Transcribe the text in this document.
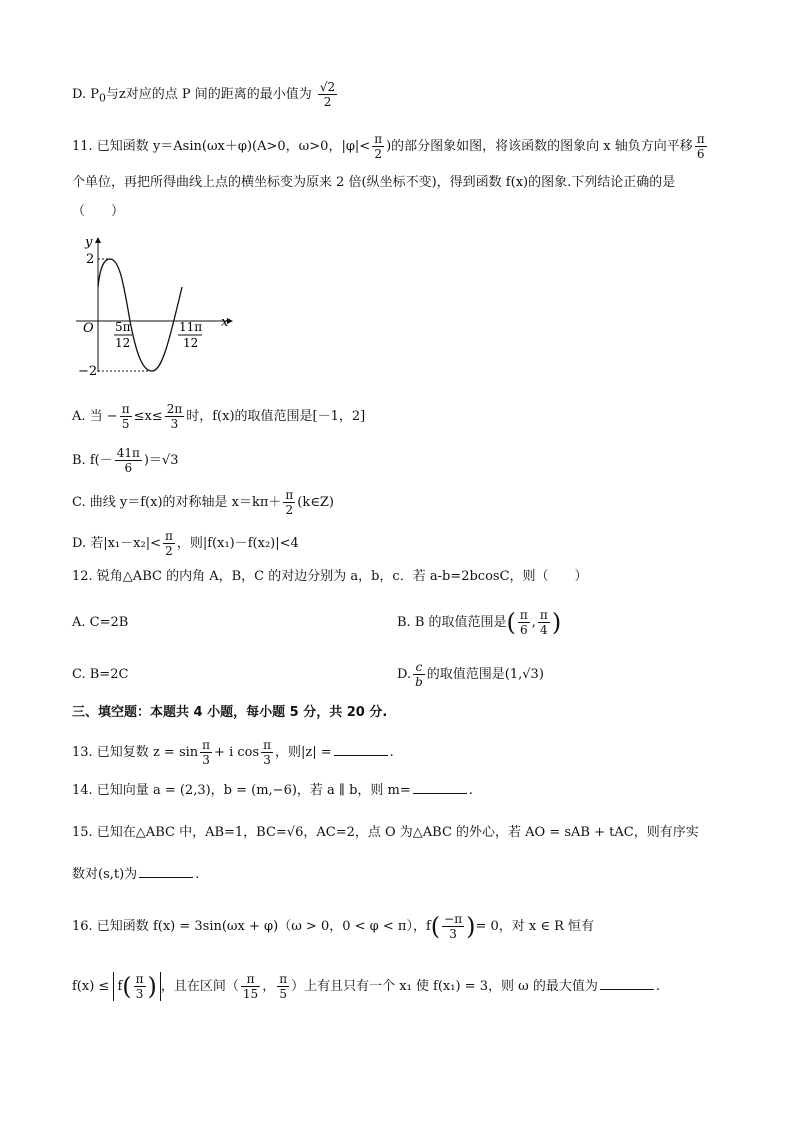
D. $P_0$与z对应的点 P 间的距离的最小值为 $\frac{√2}{2}$
11. 已知函数 y＝Asin(ωx＋φ)(A>0，ω>0，$|\varphi|< \frac{\pi}{2}$ )的部分图象如图，将该函数的图象向 x 轴负方向平移 $\frac{\pi}{6}$
个单位，再把所得曲线上点的横坐标变为原来 2 倍(纵坐标不变)，得到函数 f(x)的图象.下列结论正确的是
（　　）
y
x
O
2
−2
5π
12
11π
12
A. 当 − $\frac{\pi}{5} \le x\le \frac{2\pi}{3}$ 时，f(x)的取值范围是[－1，2]
B. $f(- \frac{41\pi}{6} )=√3$
C. 曲线 y＝f(x)的对称轴是 $x=k\pi+ \frac{\pi}{2}$ (k∈Z)
D. 若$|x_1-x_2|< \frac{\pi}{2}$ ，则|f(x₁)－f(x₂)|<4
12. 锐角△ABC 的内角 A，B，C 的对边分别为 a，b，c．若 a-b=2bcosC，则（　　）
A. C=2B	B. B 的取值范围是( $\frac{\pi}{6}$ , $\frac{\pi}{4}$ )
C. B=2C	D. $\frac{c}{b}$ 的取值范围是(1,√3)
三、填空题：本题共 4 小题，每小题 5 分，共 20 分.
13. 已知复数 $z = \sin \frac{\pi}{3} + i$ $\cos \frac{\pi}{3}$ ，则|z| =	.
14. 已知向量 a = (2,3)，b = (m,−6)，若 a ∥ b，则 m=	.
15. 已知在△ABC 中，AB=1，BC=√6，AC=2，点 O 为△ABC 的外心，若 AO = sAB + tAC，则有序实
数对(s,t)为	.
16. 已知函数 f(x) = 3sin(ωx + φ)（ω > 0，0 < φ < π），$f( \frac{-\pi}{3}$ )= 0，对 x ∈ R 恒有
$f(x) \le f( \frac{\pi}{3}$ ) ，且在区间（ $\frac{\pi}{15}$ ， $\frac{\pi}{5}$ ）上有且只有一个 x₁ 使 f(x₁) = 3，则 ω 的最大值为	.
